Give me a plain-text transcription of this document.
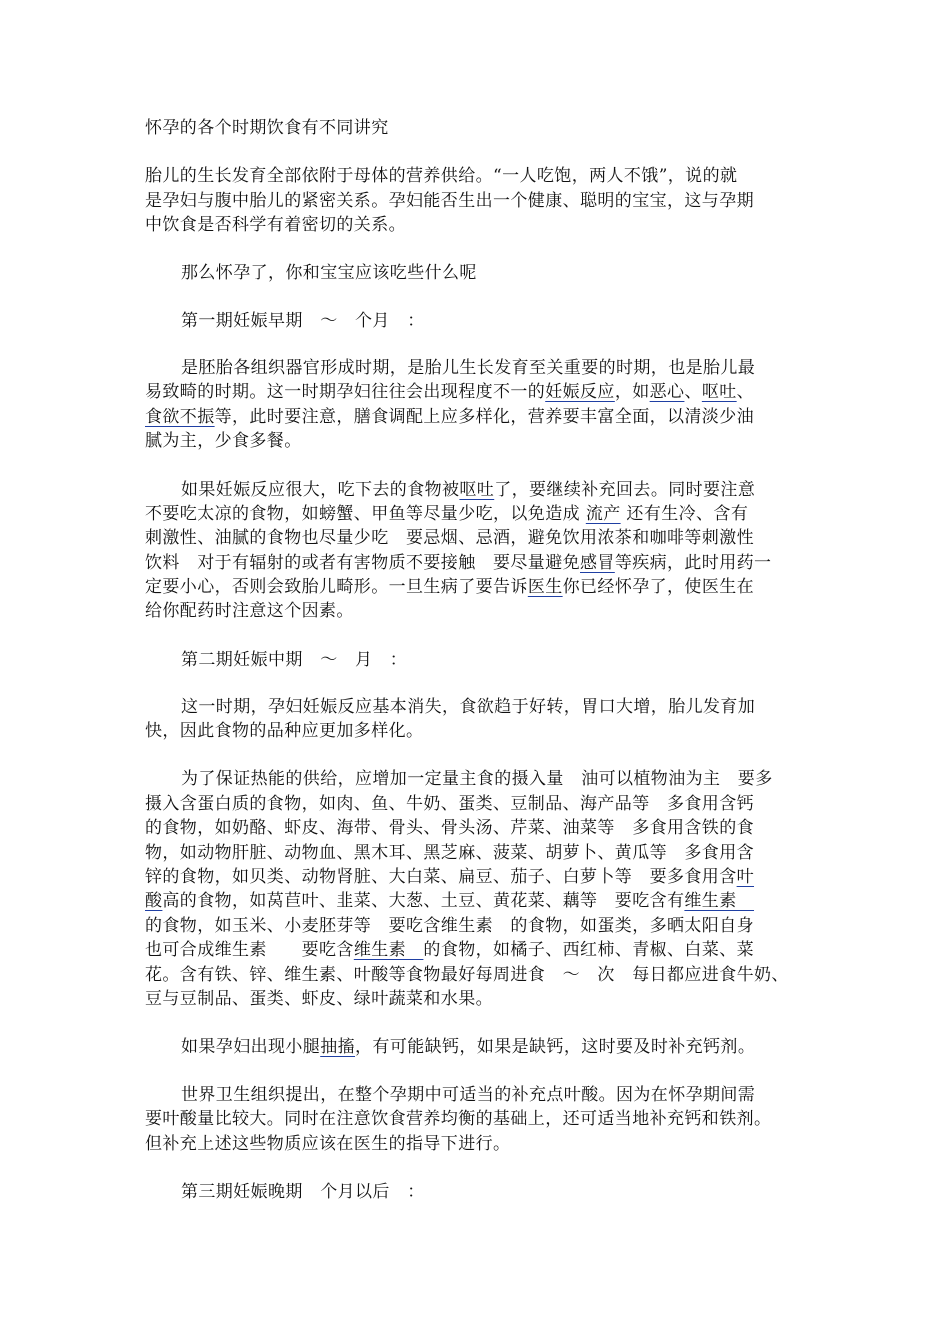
怀孕的各个时期饮食有不同讲究
胎儿的生长发育全部依附于母体的营养供给。“一人吃饱，两人不饿”，说的就
是孕妇与腹中胎儿的紧密关系。孕妇能否生出一个健康、聪明的宝宝，这与孕期
中饮食是否科学有着密切的关系。
那么怀孕了，你和宝宝应该吃些什么呢
第一期妊娠早期　～　个月　：
是胚胎各组织器官形成时期，是胎儿生长发育至关重要的时期，也是胎儿最
易致畸的时期。这一时期孕妇往往会出现程度不一的妊娠反应，如恶心、呕吐、
食欲不振等，此时要注意，膳食调配上应多样化，营养要丰富全面，以清淡少油
腻为主，少食多餐。
如果妊娠反应很大，吃下去的食物被呕吐了，要继续补充回去。同时要注意
不要吃太凉的食物，如螃蟹、甲鱼等尽量少吃，以免造成 流产 还有生冷、含有
刺激性、油腻的食物也尽量少吃　要忌烟、忌酒，避免饮用浓茶和咖啡等刺激性
饮料　对于有辐射的或者有害物质不要接触　要尽量避免感冒等疾病，此时用药一
定要小心，否则会致胎儿畸形。一旦生病了要告诉医生你已经怀孕了，使医生在
给你配药时注意这个因素。
第二期妊娠中期　～　月　：
这一时期，孕妇妊娠反应基本消失，食欲趋于好转，胃口大增，胎儿发育加
快，因此食物的品种应更加多样化。
为了保证热能的供给，应增加一定量主食的摄入量　油可以植物油为主　要多
摄入含蛋白质的食物，如肉、鱼、牛奶、蛋类、豆制品、海产品等　多食用含钙
的食物，如奶酪、虾皮、海带、骨头、骨头汤、芹菜、油菜等　多食用含铁的食
物，如动物肝脏、动物血、黑木耳、黑芝麻、菠菜、胡萝卜、黄瓜等　多食用含
锌的食物，如贝类、动物肾脏、大白菜、扁豆、茄子、白萝卜等　要多食用含叶
酸高的食物，如莴苣叶、韭菜、大葱、土豆、黄花菜、藕等　要吃含有维生素　
的食物，如玉米、小麦胚芽等　要吃含维生素　的食物，如蛋类，多晒太阳自身
也可合成维生素　　要吃含维生素　的食物，如橘子、西红柿、青椒、白菜、菜
花。含有铁、锌、维生素、叶酸等食物最好每周进食　～　次　每日都应进食牛奶、
豆与豆制品、蛋类、虾皮、绿叶蔬菜和水果。
如果孕妇出现小腿抽搐，有可能缺钙，如果是缺钙，这时要及时补充钙剂。
世界卫生组织提出，在整个孕期中可适当的补充点叶酸。因为在怀孕期间需
要叶酸量比较大。同时在注意饮食营养均衡的基础上，还可适当地补充钙和铁剂。
但补充上述这些物质应该在医生的指导下进行。
第三期妊娠晚期　个月以后　：
